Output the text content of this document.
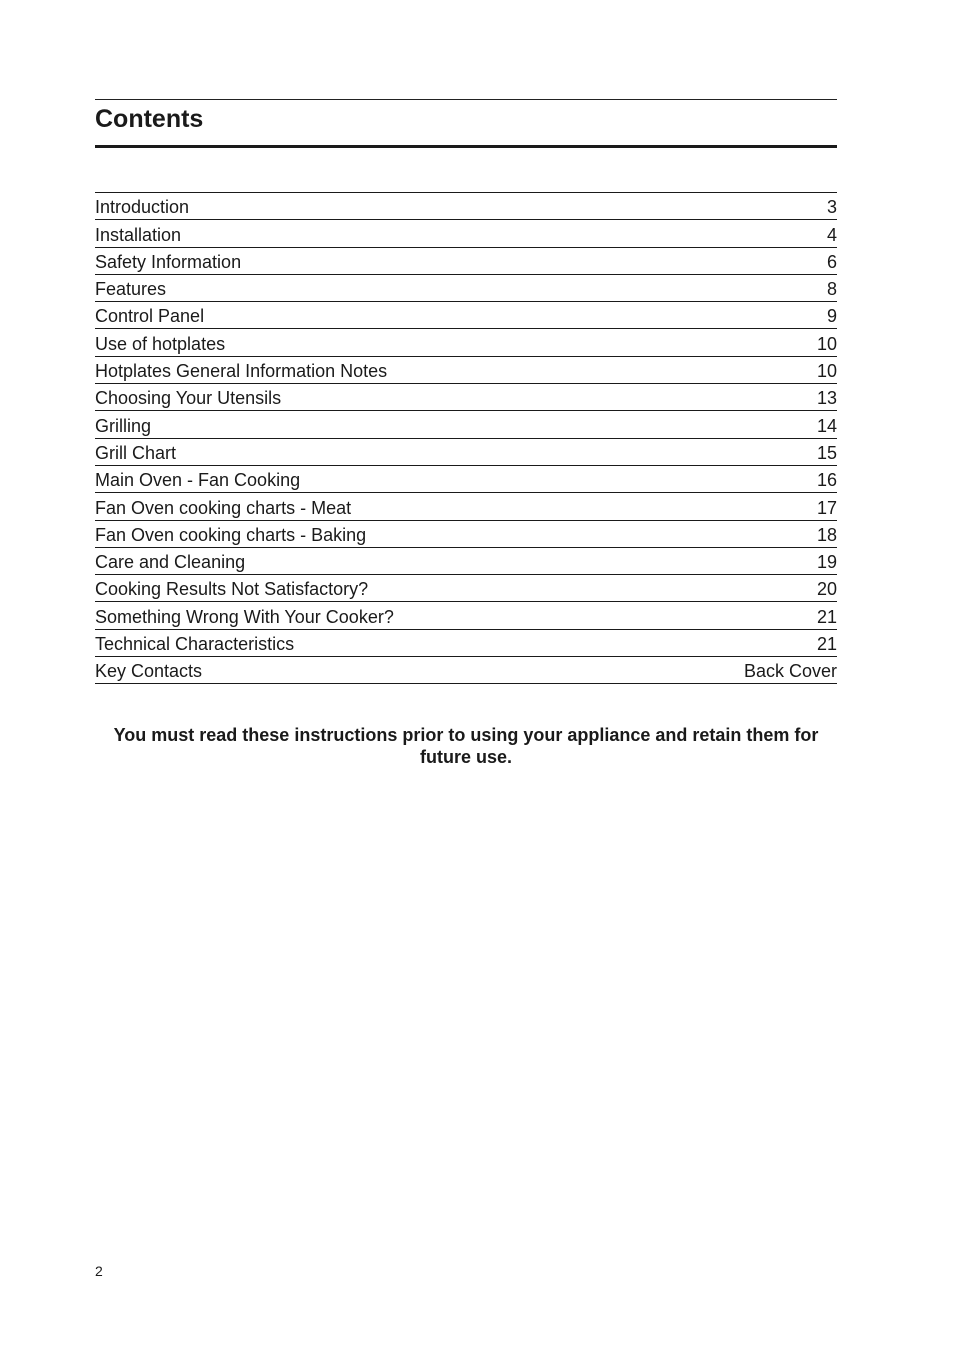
Contents
Introduction	3
Installation	4
Safety Information	6
Features	8
Control Panel	9
Use of hotplates	10
Hotplates General Information Notes	10
Choosing Your Utensils	13
Grilling	14
Grill Chart	15
Main Oven - Fan Cooking	16
Fan Oven cooking charts - Meat	17
Fan Oven cooking charts - Baking	18
Care and Cleaning	19
Cooking Results Not Satisfactory?	20
Something Wrong With Your Cooker?	21
Technical Characteristics	21
Key Contacts	Back Cover

You must read these instructions prior to using your appliance and retain them for future use.

2
